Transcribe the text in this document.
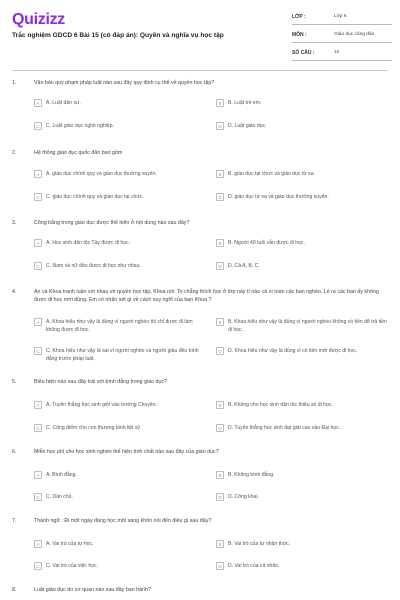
Quizizz
Trắc nghiệm GDCD 6 Bài 15 (có đáp án): Quyền và nghĩa vụ học tập
LỚP :	Lớp 6
MÔN :	Giáo dục công dân
SỐ CÂU :	10
1.	Văn bản quy phạm pháp luật nào sau đây quy định cụ thể về quyền học tập?
A	A. Luật dân sự.	B	B. Luật trẻ em.
C	C. Luật giáo dục nghề nghiệp.	D	D. Luật giáo dục.
2.	Hệ thống giáo dục quốc dân bao gồm
A	A. giáo dục chính quy và giáo dục thường xuyên.	B	B. giáo dục tại chức và giáo dục từ xa.
C	C. giáo dục chính quy và giáo dục tại chức.	D	D. giáo dục từ xa và giáo dục thường xuyên.
3.	Công bằng trong giáo dục được thể hiện ở nội dung nào sau đây?
A	A. Học sinh dân tộc Tày được đi học.	B	B. Người 40 tuổi vẫn được đi học.
C	C. Nam và nữ đều được đi học như nhau.	D	D. Cả A, B, C.
4.	An và Khoa tranh luận với nhau về quyền học tập, Khoa nói: To chẳng thích học ở lớp này tí nào cả vì toàn các bạn nghèo. Lê ra các bạn ấy không được đi học mới đúng. Em có nhận xét gì về cách suy nghĩ của bạn Khoa ?
A	A. Khoa hiểu như vậy là đúng vì người nghèo thì chỉ được đi làm không được đi học.
B	B. Khoa hiểu như vậy là đúng vì người nghèo không có tiền để trả tiền đi học.
C	C. Khoa hiểu như vậy là sai vì người nghèo và người giàu đều bình đẳng trước pháp luật.
D	D. Khoa hiểu như vậy là đúng vì có tiền mới được đi học.
5.	Biểu hiện nào sau đây trái với bình đẳng trong giáo dục?
A	A. Tuyển thẳng học sinh giỏi vào trường Chuyên.	B	B. Không cho học sinh dân tộc thiểu số đi học.
C	C. Cộng điểm cho con thương binh liệt sỹ.	D	D. Tuyển thẳng học sinh đạt giải cao vào Đại học.
6.	Miễn học phí cho học sinh nghèo thể hiện tính chất nào sau đây của giáo dục?
A	A. Bình đẳng.	B	B. Không bình đẳng.
C	C. Dân chủ.	D	D. Công khai.
7.	Thành ngữ : Đi một ngày đàng học một sàng khôn nói đến điều gì sau đây?
A	A. Vai trò của tự học.	B	B. Vai trò của tự nhận thức.
C	C. Vai trò của việc học.	D	D. Vai trò của cá nhân.
8.	Luật giáo dục do cơ quan nào sau đây ban hành?
